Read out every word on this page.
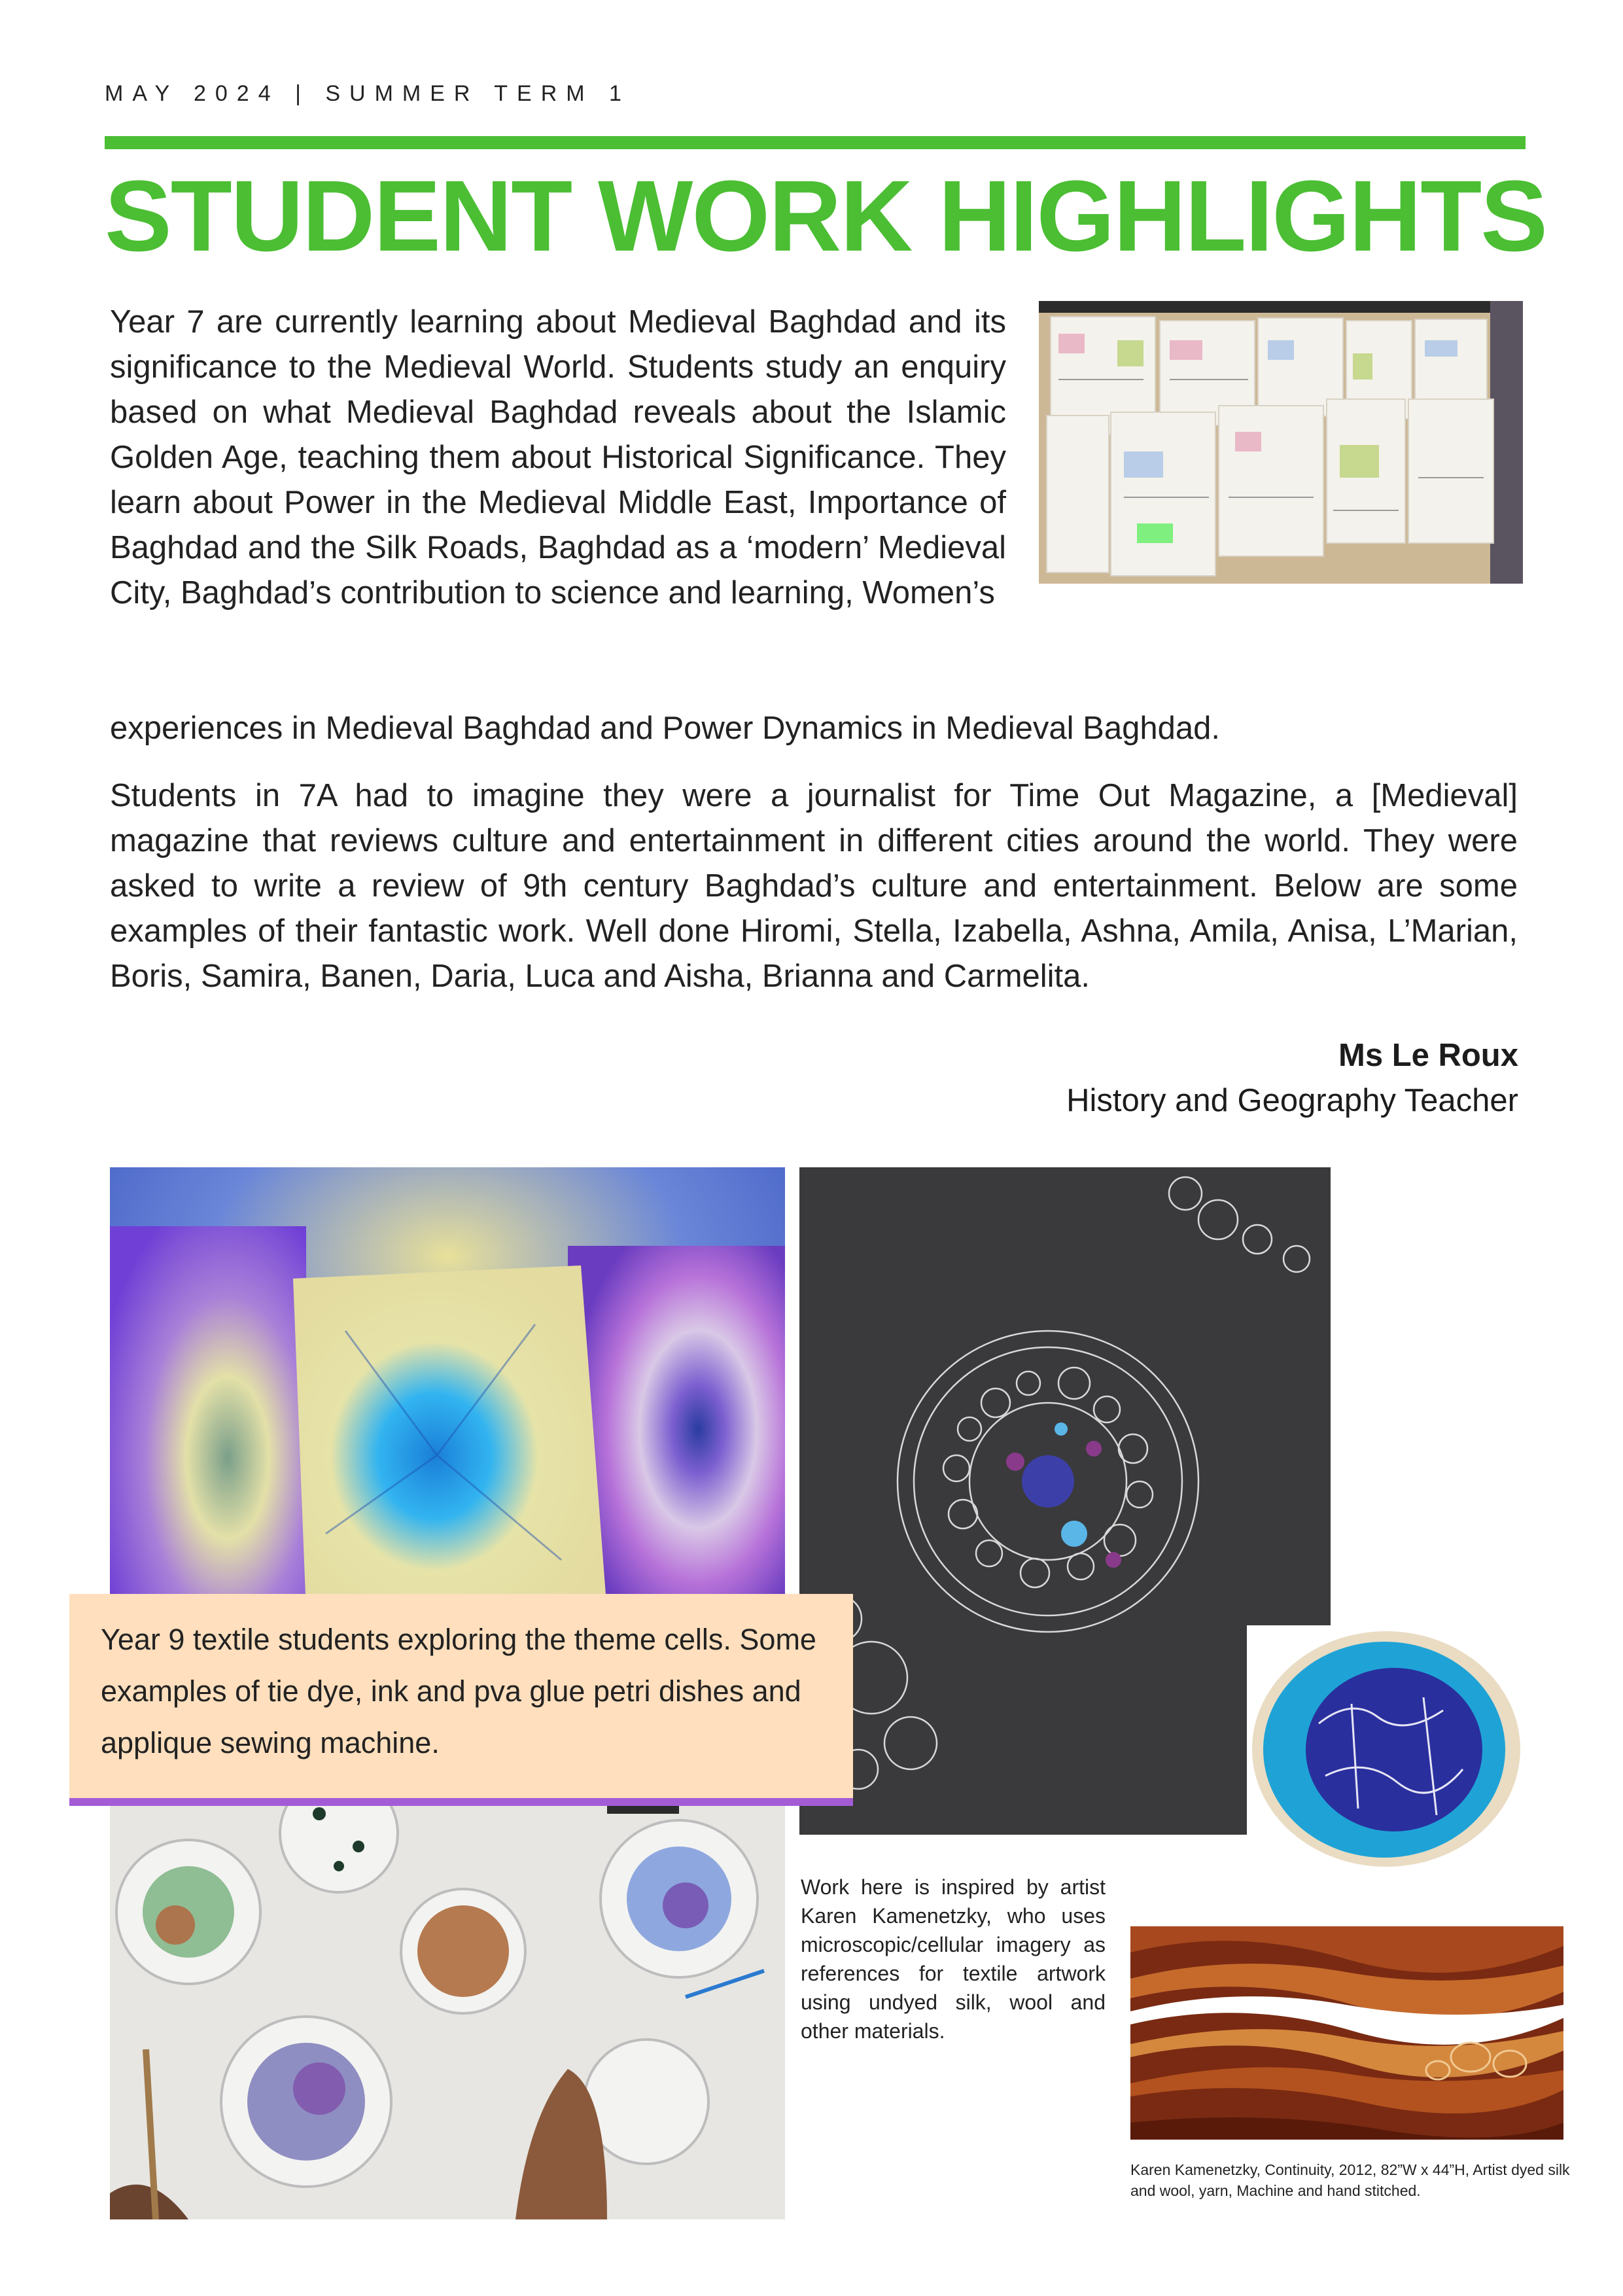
MAY 2024 | SUMMER TERM 1
STUDENT WORK HIGHLIGHTS
Year 7 are currently learning about Medieval Baghdad and its significance to the Medieval World. Students study an enquiry based on what Medieval Baghdad reveals about the Islamic Golden Age, teaching them about Historical Significance. They learn about Power in the Medieval Middle East, Importance of Baghdad and the Silk Roads, Baghdad as a ‘modern’ Medieval City, Baghdad’s contribution to science and learning, Women’s
experiences in Medieval Baghdad and Power Dynamics in Medieval Baghdad.
Students in 7A had to imagine they were a journalist for Time Out Magazine, a [Medieval] magazine that reviews culture and entertainment in different cities around the world. They were asked to write a review of 9th century Baghdad’s culture and entertainment. Below are some examples of their fantastic work. Well done Hiromi, Stella, Izabella, Ashna, Amila, Anisa, L’Marian, Boris, Samira, Banen, Daria, Luca and Aisha, Brianna and Carmelita.
Ms Le Roux
History and Geography Teacher
Year 9 textile students exploring the theme cells. Some examples of tie dye, ink and pva glue petri dishes and applique sewing machine.
Work here is inspired by artist Karen Kamenetzky, who uses microscopic/cellular imagery as references for textile artwork using undyed silk, wool and other materials.
Karen Kamenetzky, Continuity, 2012, 82”W x 44”H, Artist dyed silk and wool, yarn, Machine and hand stitched.
